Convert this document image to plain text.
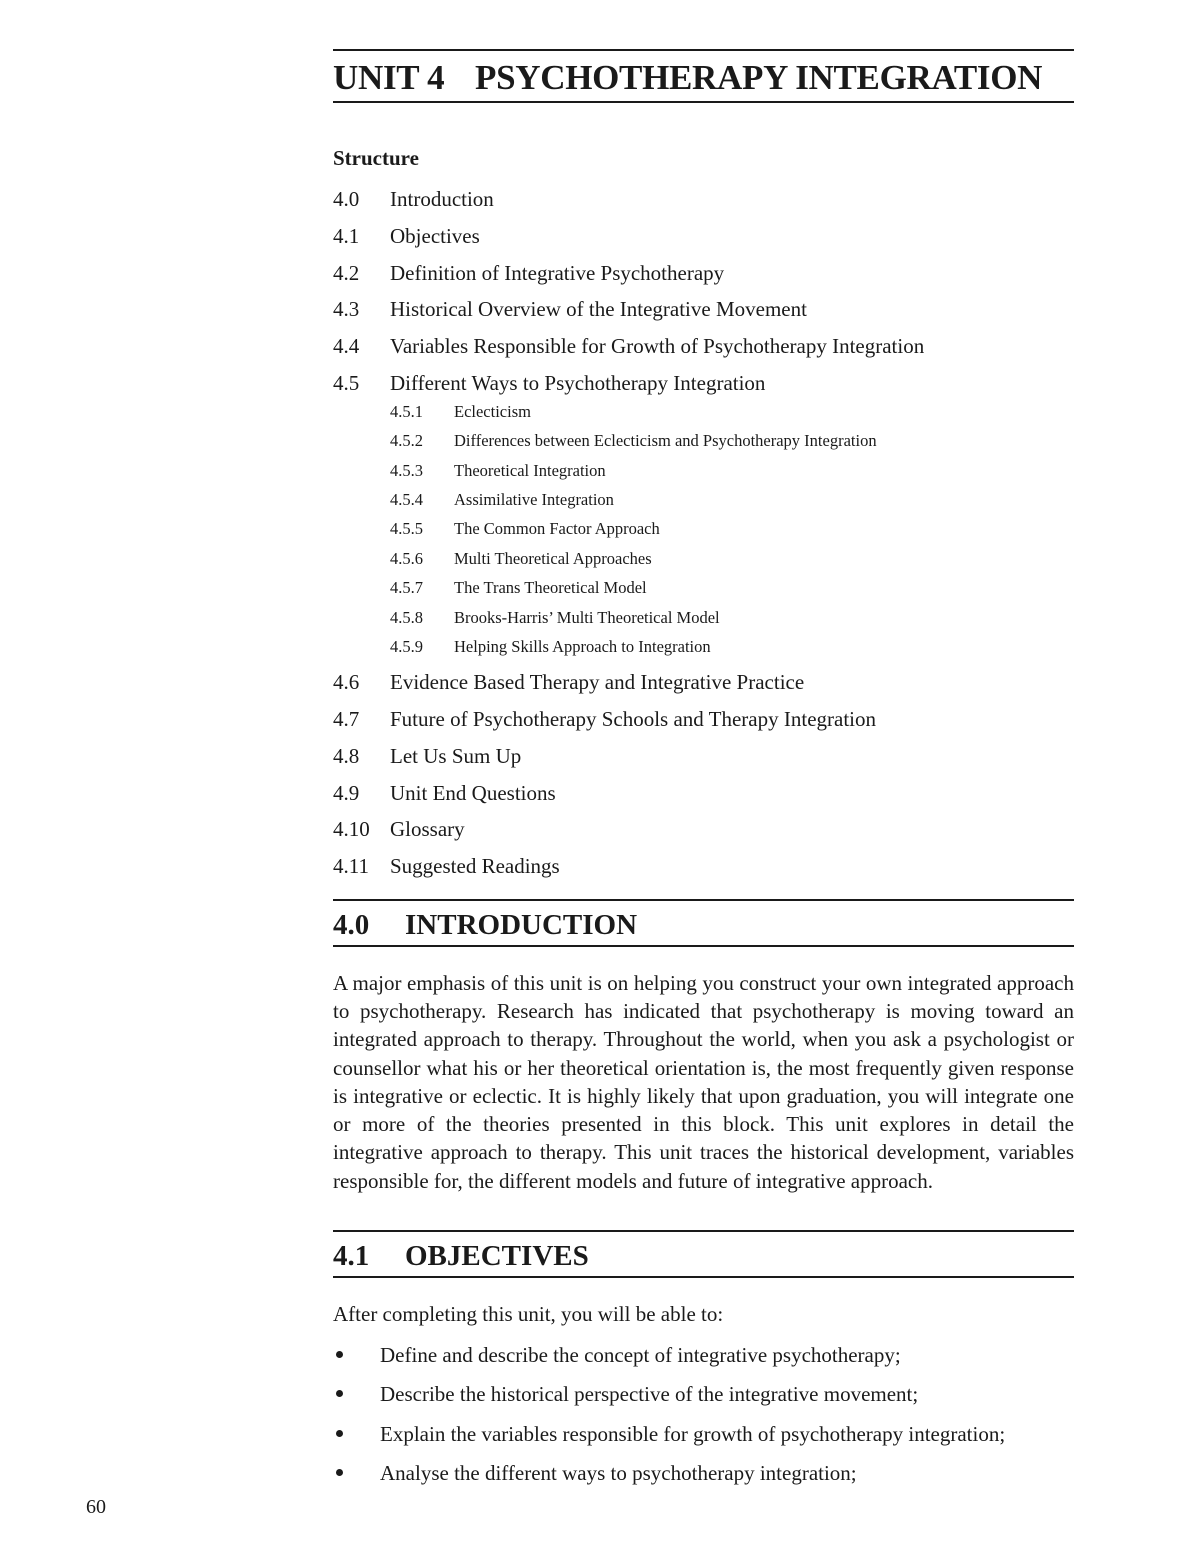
UNIT 4 PSYCHOTHERAPY INTEGRATION
Structure
4.0 Introduction
4.1 Objectives
4.2 Definition of Integrative Psychotherapy
4.3 Historical Overview of the Integrative Movement
4.4 Variables Responsible for Growth of Psychotherapy Integration
4.5 Different Ways to Psychotherapy Integration
4.5.1 Eclecticism
4.5.2 Differences between Eclecticism and Psychotherapy Integration
4.5.3 Theoretical Integration
4.5.4 Assimilative Integration
4.5.5 The Common Factor Approach
4.5.6 Multi Theoretical Approaches
4.5.7 The Trans Theoretical Model
4.5.8 Brooks-Harris’ Multi Theoretical Model
4.5.9 Helping Skills Approach to Integration
4.6 Evidence Based Therapy and Integrative Practice
4.7 Future of Psychotherapy Schools and Therapy Integration
4.8 Let Us Sum Up
4.9 Unit End Questions
4.10 Glossary
4.11 Suggested Readings
4.0 INTRODUCTION
A major emphasis of this unit is on helping you construct your own integrated approach to psychotherapy. Research has indicated that psychotherapy is moving toward an integrated approach to therapy. Throughout the world, when you ask a psychologist or counsellor what his or her theoretical orientation is, the most frequently given response is integrative or eclectic. It is highly likely that upon graduation, you will integrate one or more of the theories presented in this block. This unit explores in detail the integrative approach to therapy. This unit traces the historical development, variables responsible for, the different models and future of integrative approach.
4.1 OBJECTIVES
After completing this unit, you will be able to:
Define and describe the concept of integrative psychotherapy;
Describe the historical perspective of the integrative movement;
Explain the variables responsible for growth of psychotherapy integration;
Analyse the different ways to psychotherapy integration;
60
